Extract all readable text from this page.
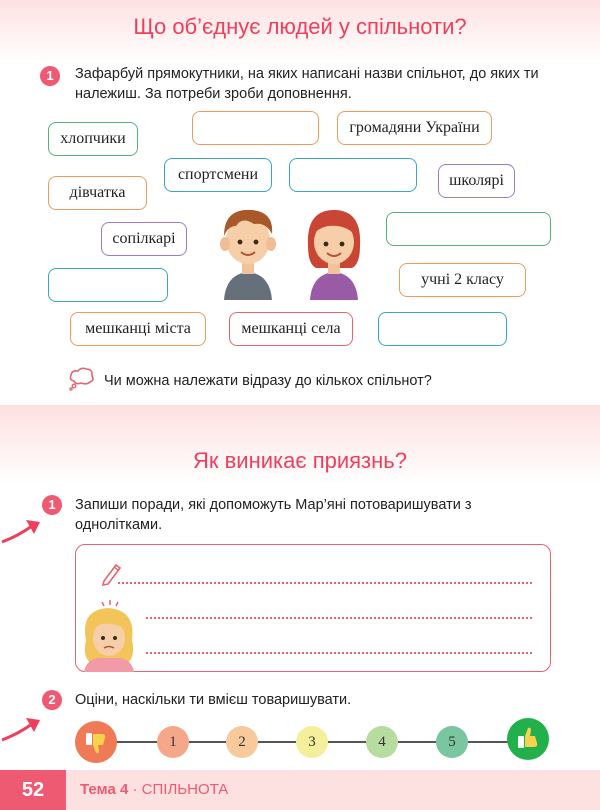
Що об’єднує людей у спільноти?
1	Зафарбуй прямокутники, на яких написані назви спільнот, до яких ти належиш. За потреби зроби доповнення.
хлопчики
громадяни України
спортсмени	школярі
дівчатка
сопілкарі
учні 2 класу
мешканці міста	мешканці села
Чи можна належати відразу до кількох спільнот?
Як виникає приязнь?
1	Запиши поради, які допоможуть Мар’яні потоваришувати з однолітками.
2	Оціни, наскільки ти вмієш товаришувати.
1	2	3	4	5
52	Тема 4 · СПІЛЬНОТА
